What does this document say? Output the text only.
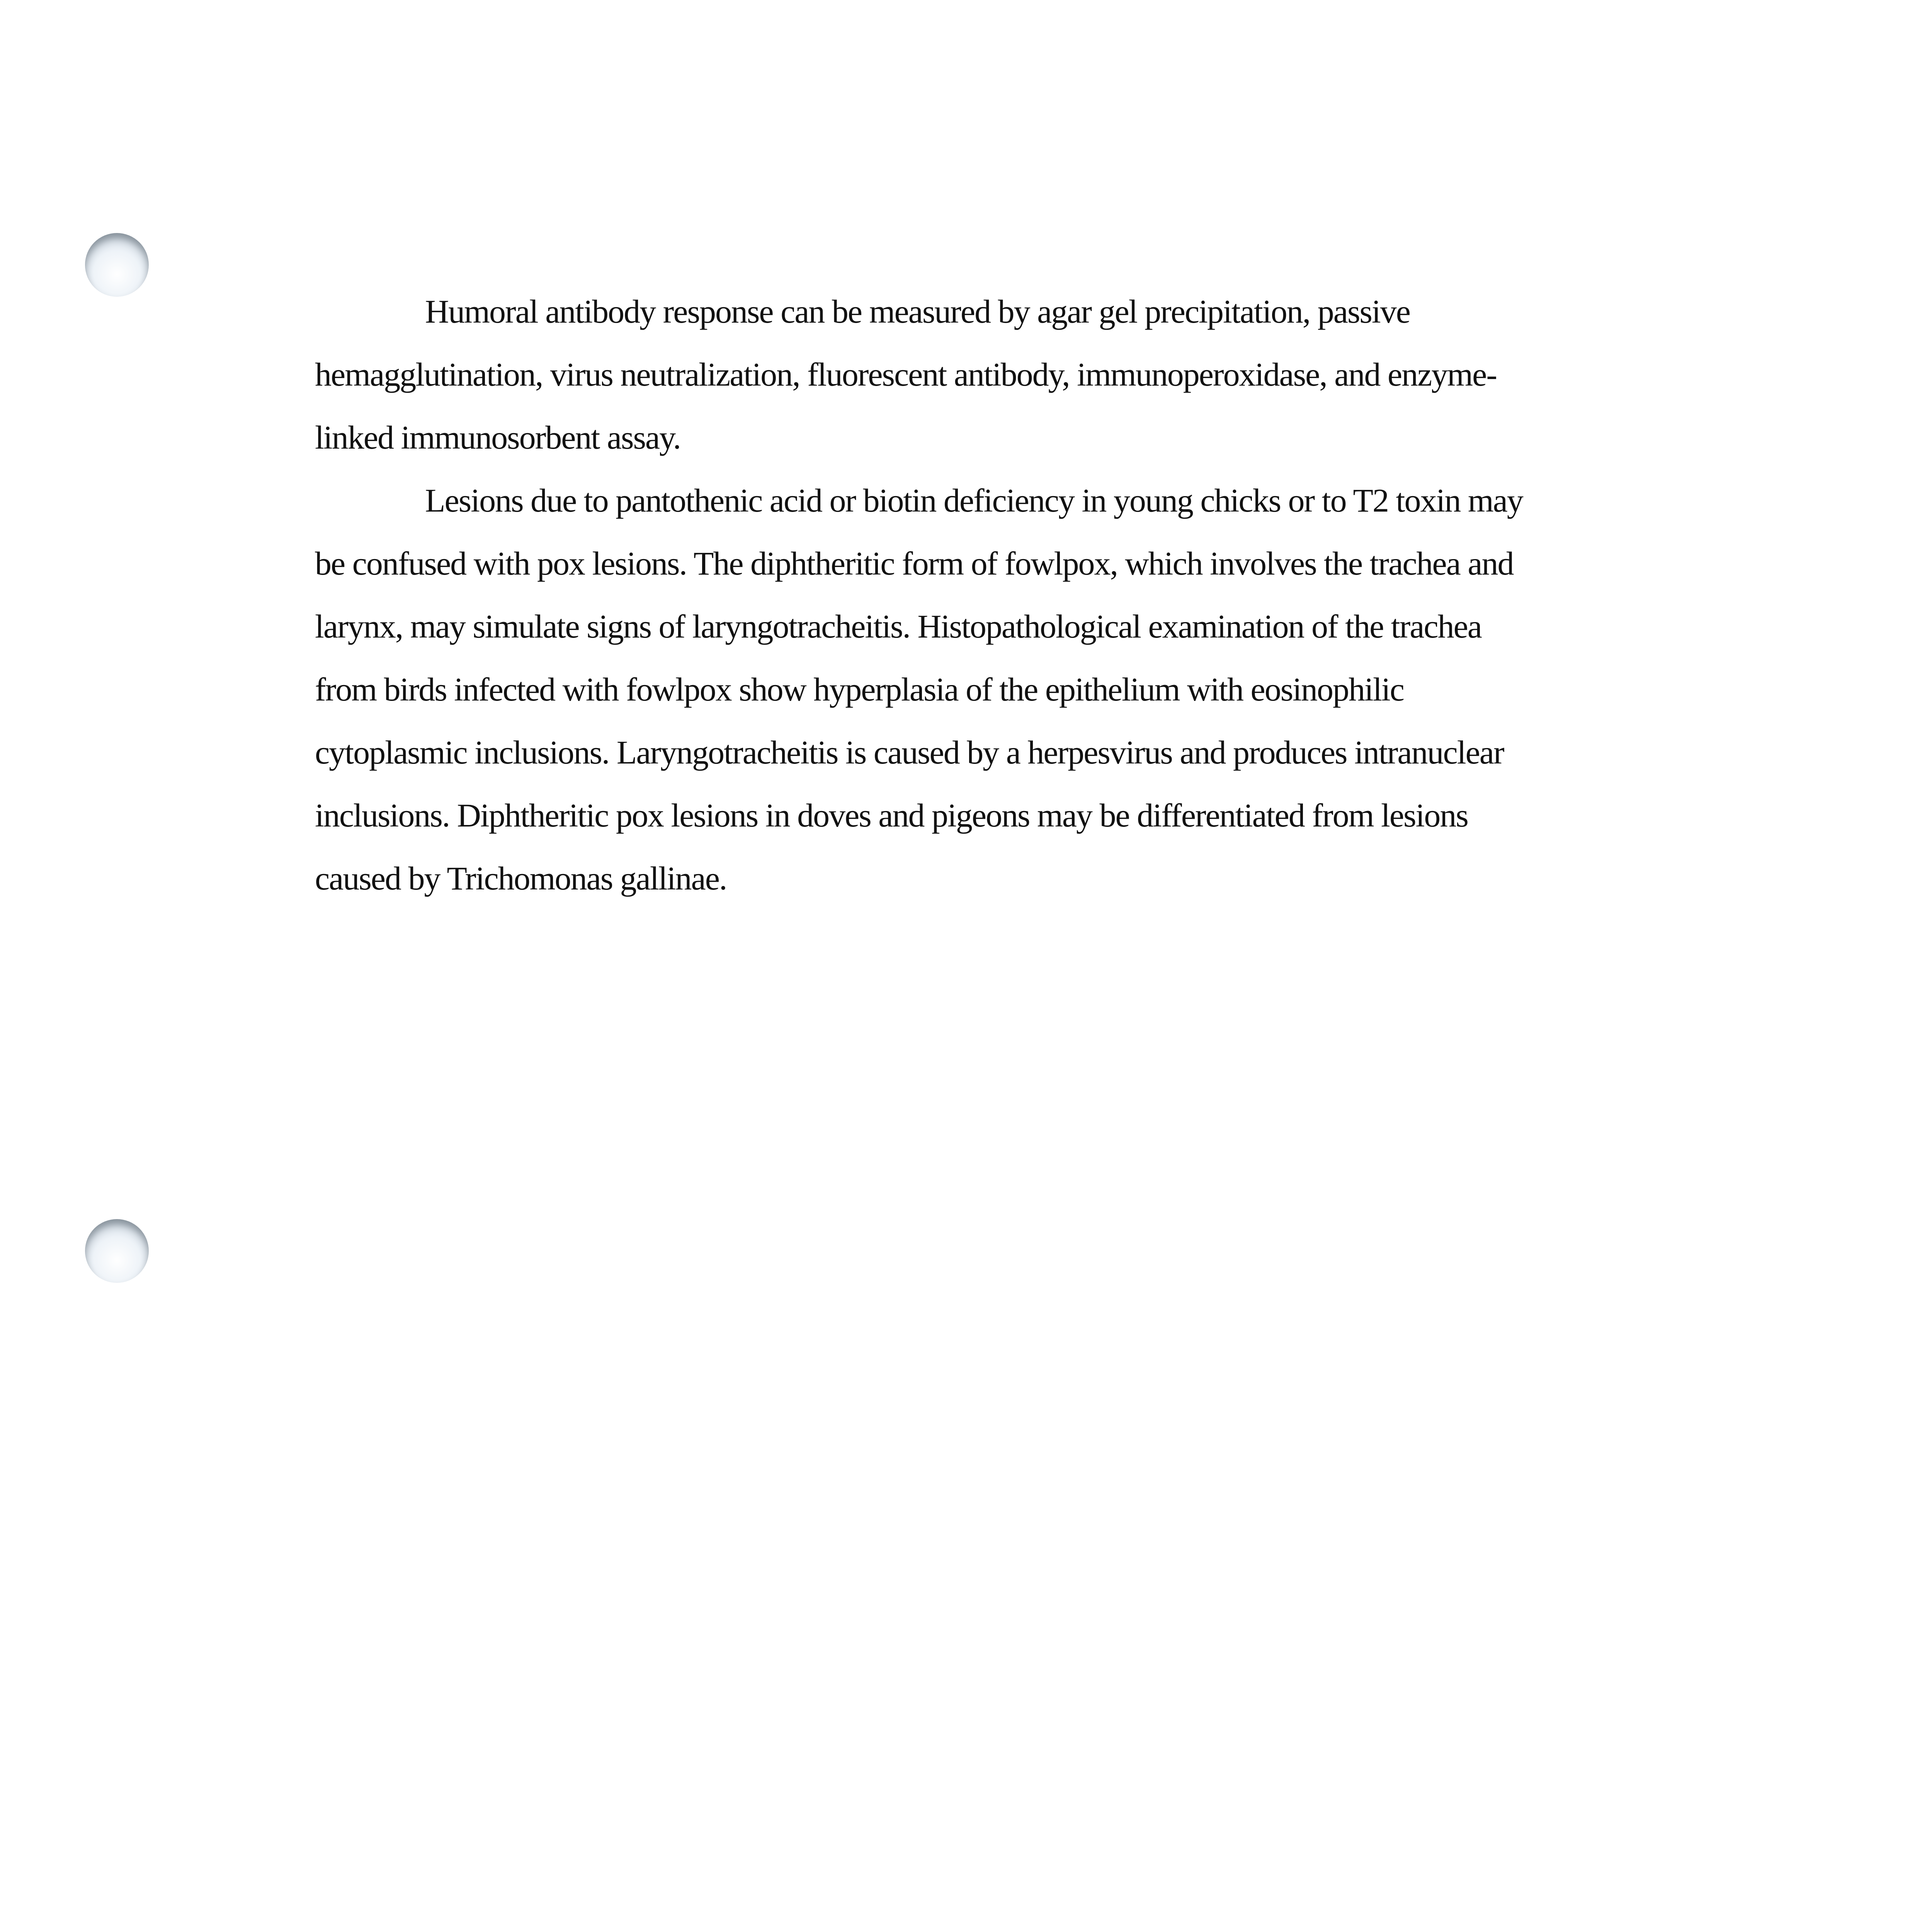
Humoral antibody response can be measured by agar gel precipitation, passive hemagglutination, virus neutralization, fluorescent antibody, immunoperoxidase, and enzyme-linked immunosorbent assay.

Lesions due to pantothenic acid or biotin deficiency in young chicks or to T2 toxin may be confused with pox lesions. The diphtheritic form of fowlpox, which involves the trachea and larynx, may simulate signs of laryngotracheitis. Histopathological examination of the trachea from birds infected with fowlpox show hyperplasia of the epithelium with eosinophilic cytoplasmic inclusions. Laryngotracheitis is caused by a herpesvirus and produces intranuclear inclusions. Diphtheritic pox lesions in doves and pigeons may be differentiated from lesions caused by Trichomonas gallinae.
